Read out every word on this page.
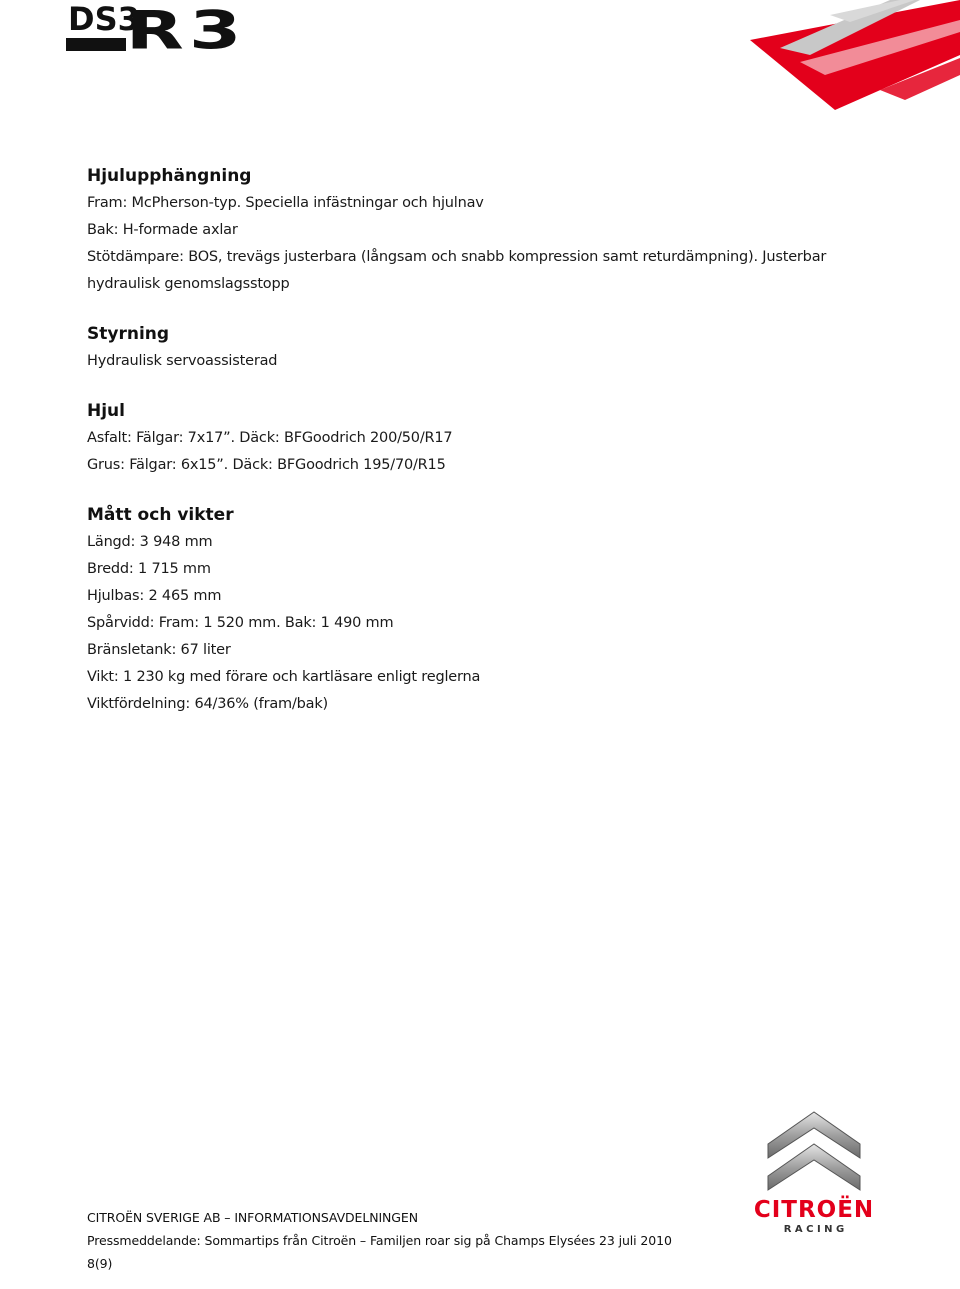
DS3
R3

Hjulupphängning

Fram: McPherson-typ. Speciella infästningar och hjulnav

Bak: H-formade axlar

Stötdämpare: BOS, trevägs justerbara (långsam och snabb kompression samt returdämpning). Justerbar

hydraulisk genomslagsstopp

Styrning

Hydraulisk servoassisterad

Hjul

Asfalt: Fälgar: 7x17”. Däck: BFGoodrich 200/50/R17

Grus: Fälgar: 6x15”. Däck: BFGoodrich 195/70/R15

Mått och vikter

Längd: 3 948 mm

Bredd: 1 715 mm

Hjulbas: 2 465 mm

Spårvidd: Fram: 1 520 mm. Bak: 1 490 mm

Bränsletank: 67 liter

Vikt: 1 230 kg med förare och kartläsare enligt reglerna

Viktfördelning: 64/36% (fram/bak)

CITROËN
R A C I N G

CITROËN SVERIGE AB – INFORMATIONSAVDELNINGEN

Pressmeddelande: Sommartips från Citroën – Familjen roar sig på Champs Elysées 23 juli 2010

8(9)
